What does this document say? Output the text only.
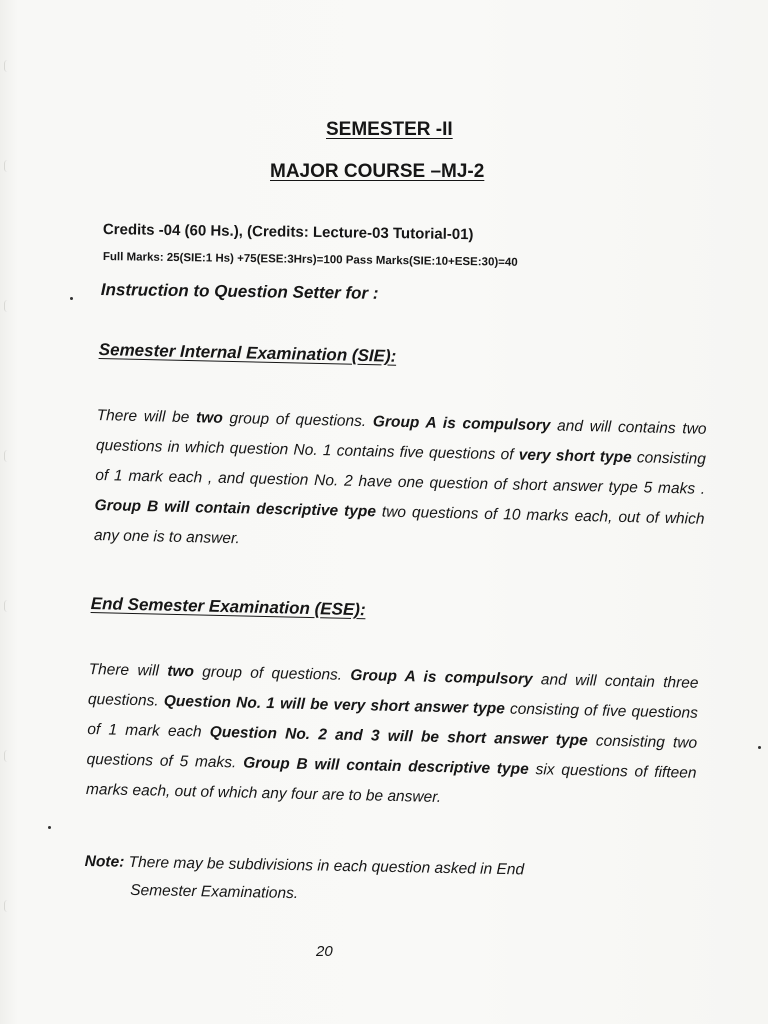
SEMESTER -II
MAJOR COURSE –MJ-2
Credits -04 (60 Hs.), (Credits: Lecture-03 Tutorial-01)
Full Marks: 25(SIE:1 Hs) +75(ESE:3Hrs)=100 Pass Marks(SIE:10+ESE:30)=40
Instruction to Question Setter for :
Semester Internal Examination (SIE):
There will be two group of questions. Group A is compulsory and will contains two questions in which question No. 1 contains five questions of very short type consisting of 1 mark each , and question No. 2 have one question of short answer type 5 maks . Group B will contain descriptive type two questions of 10 marks each, out of which any one is to answer.
End Semester Examination (ESE):
There will two group of questions. Group A is compulsory and will contain three questions. Question No. 1 will be very short answer type consisting of five questions of 1 mark each Question No. 2 and 3 will be short answer type consisting two questions of 5 maks. Group B will contain descriptive type six questions of fifteen marks each, out of which any four are to be answer.
Note: There may be subdivisions in each question asked in End
Semester Examinations.
20
